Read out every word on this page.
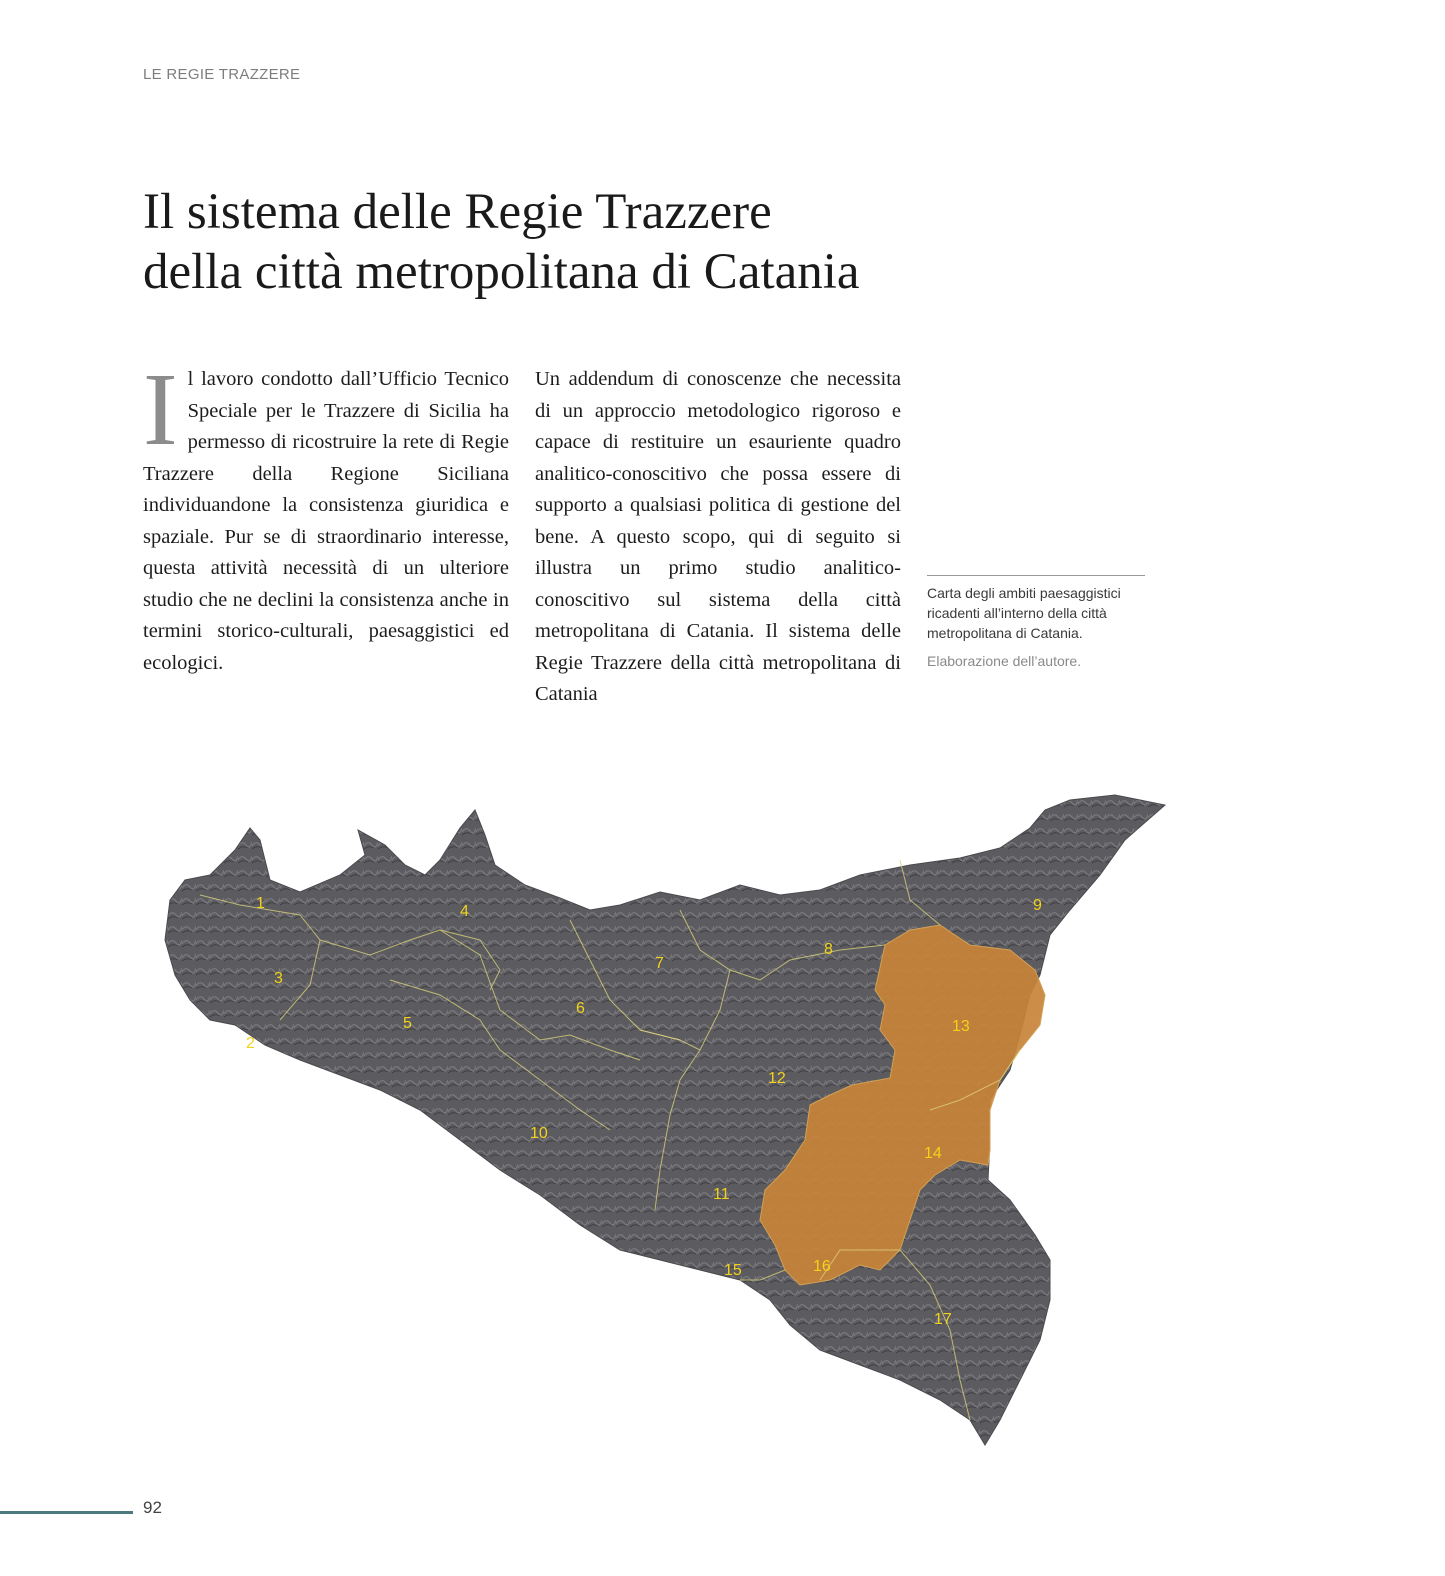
LE REGIE TRAZZERE
Il sistema delle Regie Trazzere
della città metropolitana di Catania
Il lavoro condotto dall’Ufficio Tecnico Speciale per le Trazzere di Sicilia ha permesso di ricostruire la rete di Regie Trazzere della Regione Siciliana individuandone la consistenza giuridica e spaziale. Pur se di straordinario interesse, questa attività necessità di un ulteriore studio che ne declini la consistenza anche in termini storico-culturali, paesaggistici ed ecologici.
Un addendum di conoscenze che necessita di un approccio metodologico rigoroso e capace di restituire un esauriente quadro analitico-conoscitivo che possa essere di supporto a qualsiasi politica di gestione del bene. A questo scopo, qui di seguito si illustra un primo studio analitico-conoscitivo sul sistema della città metropolitana di Catania. Il sistema delle Regie Trazzere della città metropolitana di Catania
Carta degli ambiti paesaggistici ricadenti all’interno della città metropolitana di Catania.
Elaborazione dell’autore.
1
2
3
4
5
6
7
8
9
10
11
12
13
14
15	16
17
92
